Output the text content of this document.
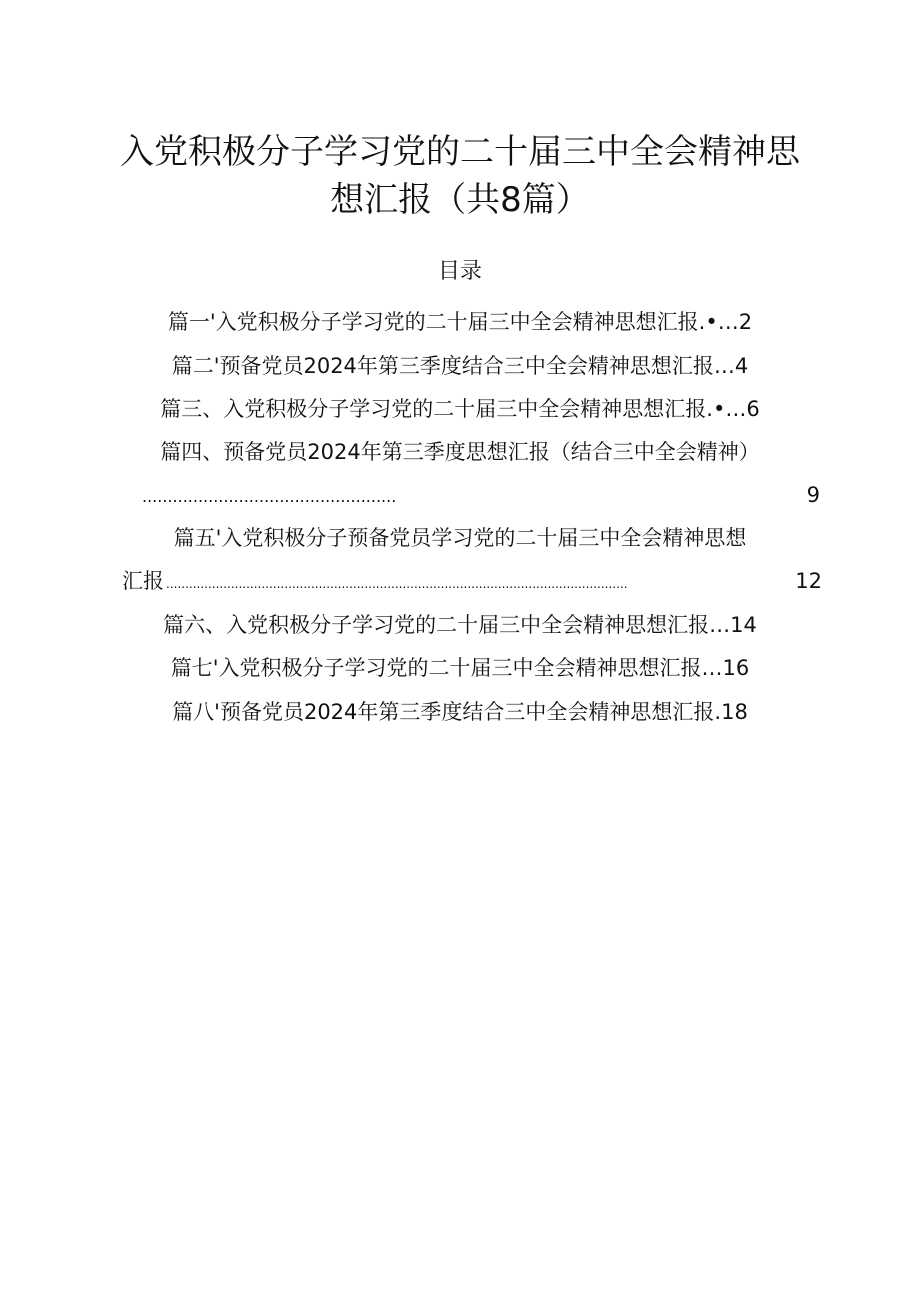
入党积极分子学习党的二十届三中全会精神思
想汇报（共8篇）
目录
篇一'入党积极分子学习党的二十届三中全会精神思想汇报.•…2
篇二'预备党员2024年第三季度结合三中全会精神思想汇报…4
篇三、入党积极分子学习党的二十届三中全会精神思想汇报.•…6
篇四、预备党员2024年第三季度思想汇报（结合三中全会精神）
..................................................	9
篇五'入党积极分子预备党员学习党的二十届三中全会精神思想
汇报 .........................................................................................................................	12
篇六、入党积极分子学习党的二十届三中全会精神思想汇报…14
篇七'入党积极分子学习党的二十届三中全会精神思想汇报…16
篇八'预备党员2024年第三季度结合三中全会精神思想汇报.18
